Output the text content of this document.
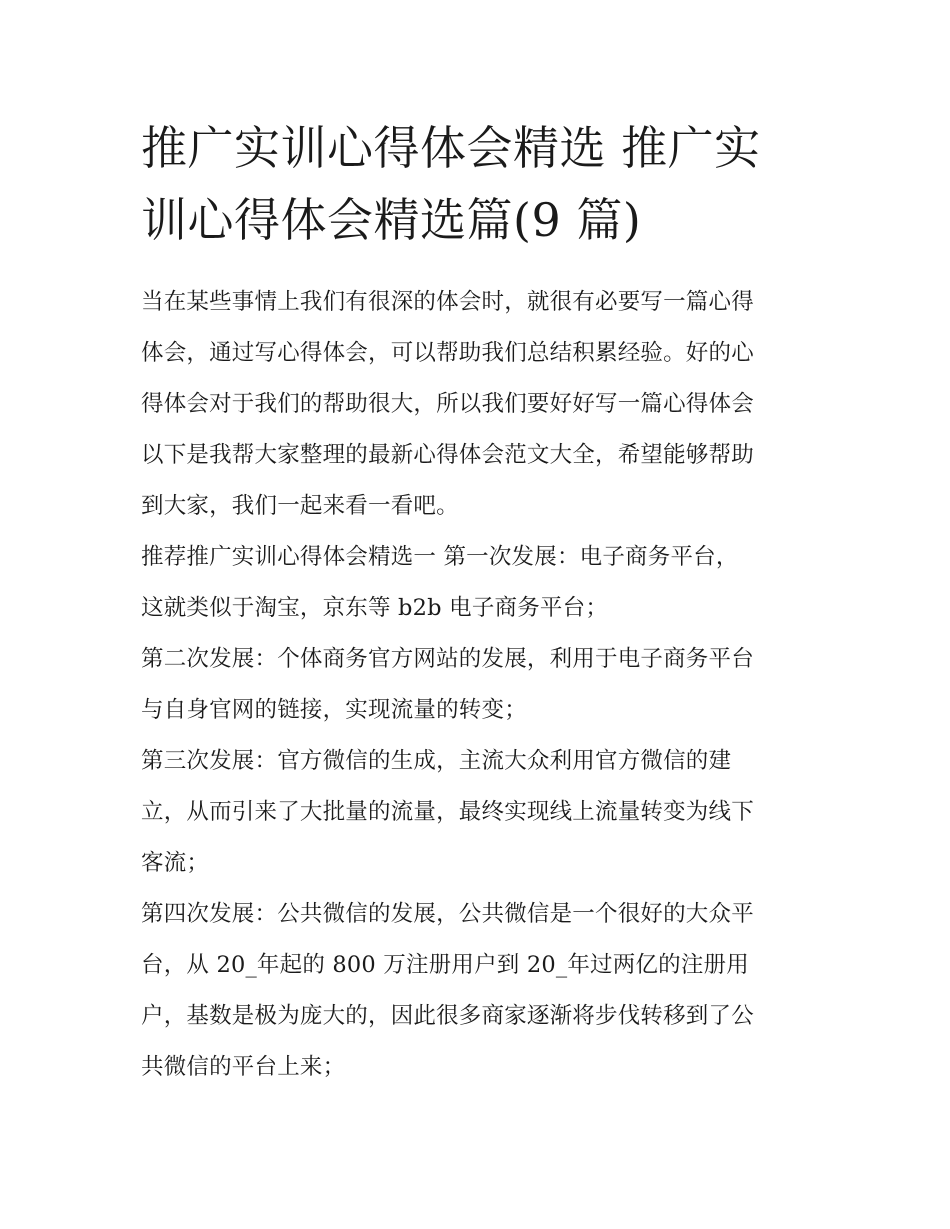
推广实训心得体会精选 推广实
训心得体会精选篇(9 篇)

当在某些事情上我们有很深的体会时，就很有必要写一篇心得
体会，通过写心得体会，可以帮助我们总结积累经验。好的心
得体会对于我们的帮助很大，所以我们要好好写一篇心得体会
以下是我帮大家整理的最新心得体会范文大全，希望能够帮助
到大家，我们一起来看一看吧。

推荐推广实训心得体会精选一 第一次发展：电子商务平台，
这就类似于淘宝，京东等 b2b 电子商务平台；

第二次发展：个体商务官方网站的发展，利用于电子商务平台
与自身官网的链接，实现流量的转变；

第三次发展：官方微信的生成，主流大众利用官方微信的建
立，从而引来了大批量的流量，最终实现线上流量转变为线下
客流；

第四次发展：公共微信的发展，公共微信是一个很好的大众平
台，从 20_年起的 800 万注册用户到 20_年过两亿的注册用
户，基数是极为庞大的，因此很多商家逐渐将步伐转移到了公
共微信的平台上来；
